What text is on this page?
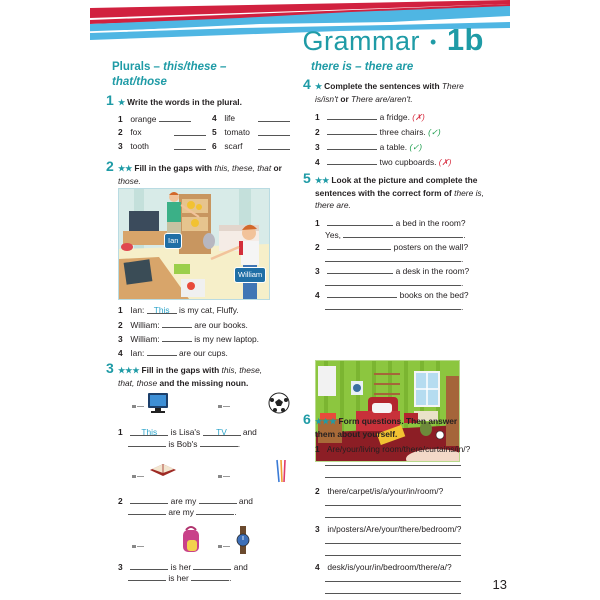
Grammar • 1b
Plurals – this/these –
that/those
1 ★ Write the words in the plural.
1 orange
2 fox
3 tooth
4 life
5 tomato
6 scarf
2 ★★ Fill in the gaps with this, these, that or
those.
Ian
William
1 Ian: This is my cat, Fluffy.
2 William:	are our books.
3 William:	is my new laptop.
4 Ian:	are our cups.
3 ★★★ Fill in the gaps with this, these,
that, those and the missing noun.
1 This is Lisa's TV and
is Bob's	.
2	are my	and
are my	.
3	is her	and
is her	.
there is – there are
4 ★ Complete the sentences with There
is/isn't or There are/aren't.
1	a fridge. (✗)
2	three chairs. (✓)
3	a table. (✓)
4	two cupboards. (✗)
5 ★★ Look at the picture and complete the sentences with the correct form of there is, there are.
1	a bed in the room?
Yes,	.
2	posters on the wall?
.
3	a desk in the room?
.
4	books on the bed?
.
6 ★★★ Form questions. Then answer them about yourself.
1 Are/your/living room/there/curtains/in/?
2 there/carpet/is/a/your/in/room/?
3 in/posters/Are/your/there/bedroom/?
4 desk/is/your/in/bedroom/there/a/?
13
